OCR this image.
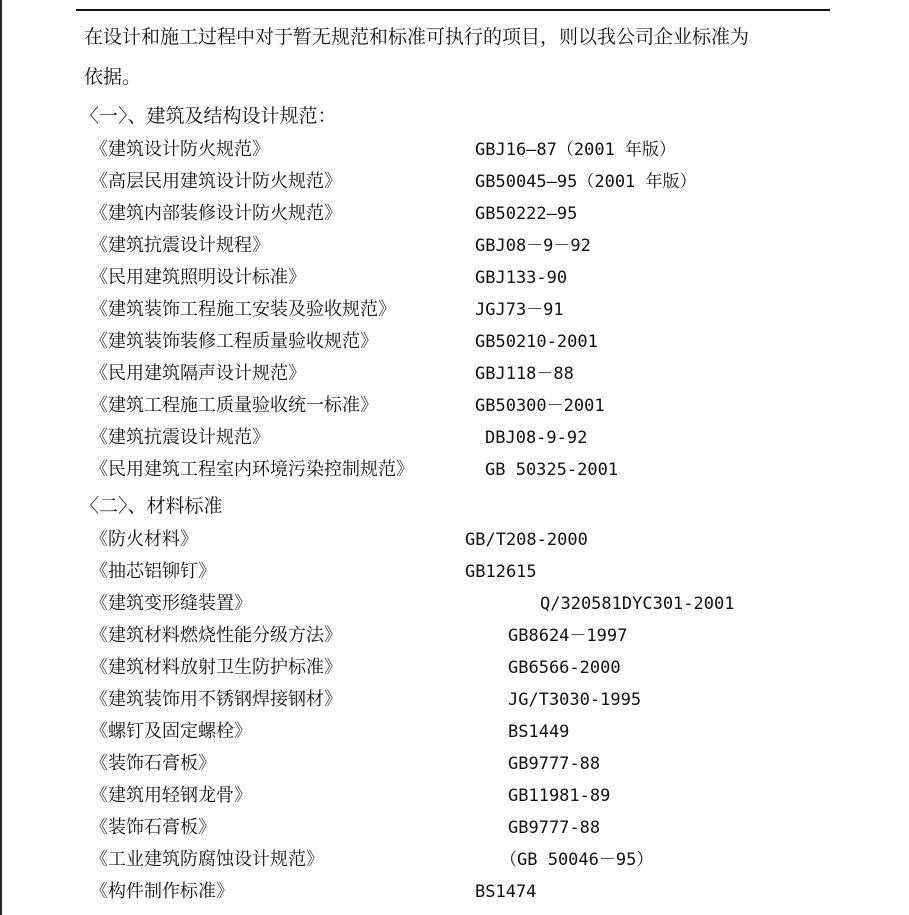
在设计和施工过程中对于暂无规范和标准可执行的项目，则以我公司企业标准为
依据。
〈一〉、建筑及结构设计规范：
《建筑设计防火规范》	GBJ16—87（2001 年版）
《高层民用建筑设计防火规范》	GB50045—95（2001 年版）
《建筑内部装修设计防火规范》	GB50222—95
《建筑抗震设计规程》	GBJ08－9－92
《民用建筑照明设计标准》	GBJ133-90
《建筑装饰工程施工安装及验收规范》	JGJ73－91
《建筑装饰装修工程质量验收规范》	GB50210-2001
《民用建筑隔声设计规范》	GBJ118－88
《建筑工程施工质量验收统一标准》	GB50300－2001
《建筑抗震设计规范》	DBJ08-9-92
《民用建筑工程室内环境污染控制规范》	GB 50325-2001
〈二〉、材料标准
《防火材料》	GB/T208-2000
《抽芯铝铆钉》	GB12615
《建筑变形缝装置》	Q/320581DYC301-2001
《建筑材料燃烧性能分级方法》	GB8624－1997
《建筑材料放射卫生防护标准》	GB6566-2000
《建筑装饰用不锈钢焊接钢材》	JG/T3030-1995
《螺钉及固定螺栓》	BS1449
《装饰石膏板》	GB9777-88
《建筑用轻钢龙骨》	GB11981-89
《装饰石膏板》	GB9777-88
《工业建筑防腐蚀设计规范》	（GB 50046－95）
《构件制作标准》	BS1474
